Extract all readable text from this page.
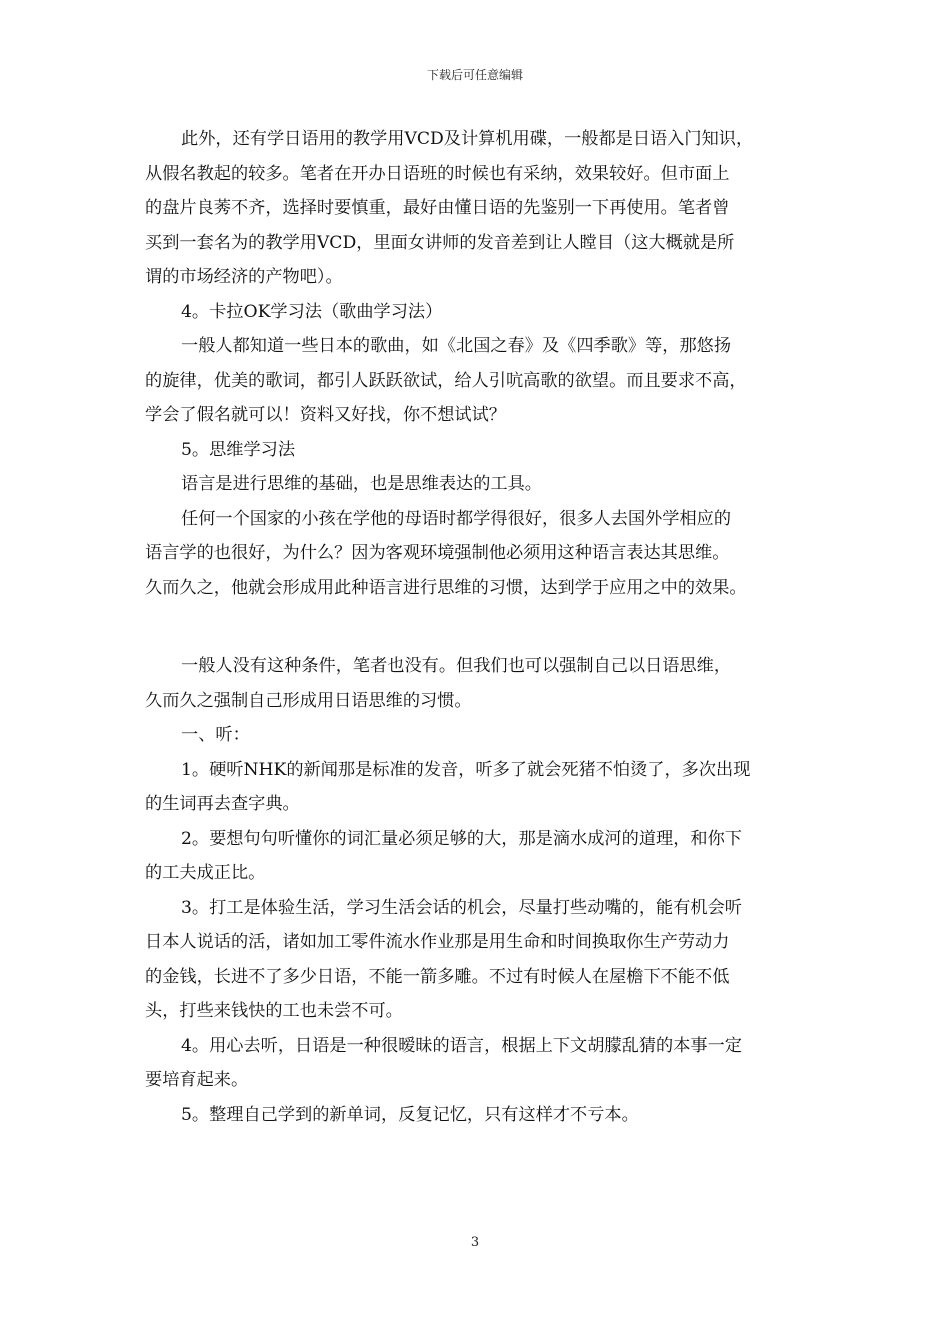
下载后可任意编辑
此外，还有学日语用的教学用VCD及计算机用碟，一般都是日语入门知识，
从假名教起的较多。笔者在开办日语班的时候也有采纳，效果较好。但市面上
的盘片良莠不齐，选择时要慎重，最好由懂日语的先鉴别一下再使用。笔者曾
买到一套名为的教学用VCD，里面女讲师的发音差到让人瞠目（这大概就是所
谓的市场经济的产物吧）。
4。卡拉OK学习法（歌曲学习法）
一般人都知道一些日本的歌曲，如《北国之春》及《四季歌》等，那悠扬
的旋律，优美的歌词，都引人跃跃欲试，给人引吭高歌的欲望。而且要求不高，
学会了假名就可以！资料又好找，你不想试试？
5。思维学习法
语言是进行思维的基础，也是思维表达的工具。
任何一个国家的小孩在学他的母语时都学得很好，很多人去国外学相应的
语言学的也很好，为什么？因为客观环境强制他必须用这种语言表达其思维。
久而久之，他就会形成用此种语言进行思维的习惯，达到学于应用之中的效果。
一般人没有这种条件，笔者也没有。但我们也可以强制自己以日语思维，
久而久之强制自己形成用日语思维的习惯。
一、听：
1。硬听NHK的新闻那是标准的发音，听多了就会死猪不怕烫了，多次出现
的生词再去查字典。
2。要想句句听懂你的词汇量必须足够的大，那是滴水成河的道理，和你下
的工夫成正比。
3。打工是体验生活，学习生活会话的机会，尽量打些动嘴的，能有机会听
日本人说话的活，诸如加工零件流水作业那是用生命和时间换取你生产劳动力
的金钱，长进不了多少日语，不能一箭多雕。不过有时候人在屋檐下不能不低
头，打些来钱快的工也未尝不可。
4。用心去听，日语是一种很暧昧的语言，根据上下文胡朦乱猜的本事一定
要培育起来。
5。整理自己学到的新单词，反复记忆，只有这样才不亏本。
3
